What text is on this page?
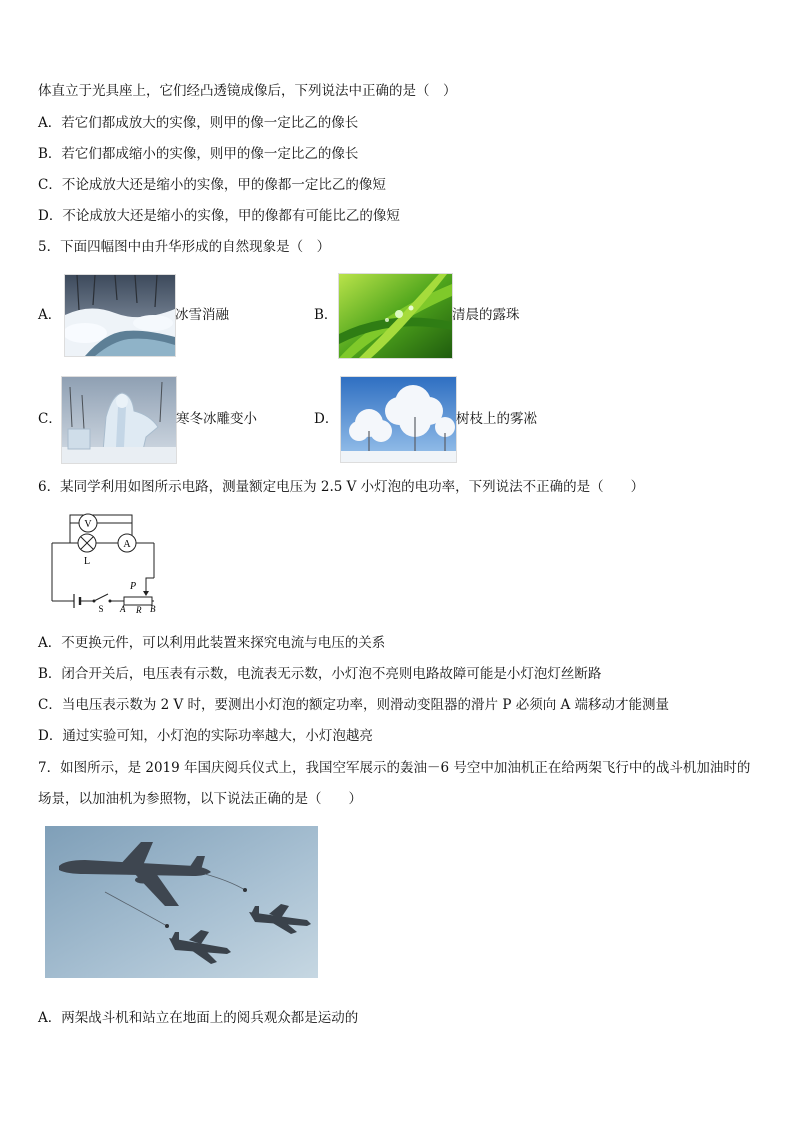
体直立于光具座上，它们经凸透镜成像后，下列说法中正确的是（　）
A．若它们都成放大的实像，则甲的像一定比乙的像长
B．若它们都成缩小的实像，则甲的像一定比乙的像长
C．不论成放大还是缩小的实像，甲的像都一定比乙的像短
D．不论成放大还是缩小的实像，甲的像都有可能比乙的像短
5．下面四幅图中由升华形成的自然现象是（　）
A．	冰雪消融	B．	清晨的露珠
C．	寒冬冰雕变小	D．	树枝上的雾凇
6．某同学利用如图所示电路，测量额定电压为 2.5 V 小灯泡的电功率，下列说法不正确的是（　　）
V
L
A
S
P
A R B
A．不更换元件，可以利用此装置来探究电流与电压的关系
B．闭合开关后，电压表有示数，电流表无示数，小灯泡不亮则电路故障可能是小灯泡灯丝断路
C．当电压表示数为 2 V 时，要测出小灯泡的额定功率，则滑动变阻器的滑片 P 必须向 A 端移动才能测量
D．通过实验可知，小灯泡的实际功率越大，小灯泡越亮
7．如图所示，是 2019 年国庆阅兵仪式上，我国空军展示的轰油－6 号空中加油机正在给两架飞行中的战斗机加油时的
场景，以加油机为参照物，以下说法正确的是（　　）
A．两架战斗机和站立在地面上的阅兵观众都是运动的
